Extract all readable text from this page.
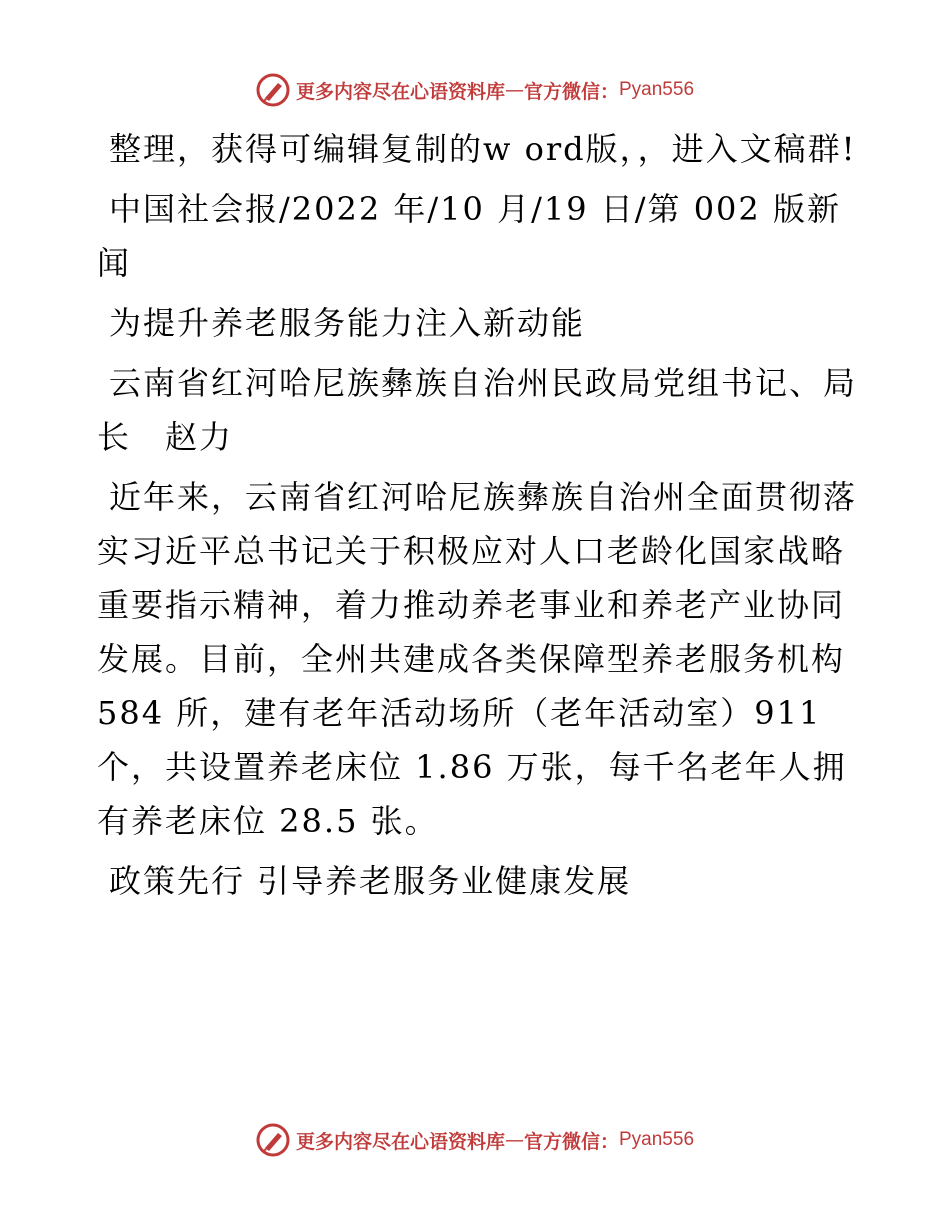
更多内容尽在心语资料库 — 官方微信： Pyan556

整理，获得可编辑复制的w ord版，，进入文稿群!

中国社会报/2022 年/10 月/19 日/第 002 版新闻

为提升养老服务能力注入新动能

云南省红河哈尼族彝族自治州民政局党组书记、局长　赵力

近年来，云南省红河哈尼族彝族自治州全面贯彻落实习近平总书记关于积极应对人口老龄化国家战略重要指示精神，着力推动养老事业和养老产业协同发展。目前，全州共建成各类保障型养老服务机构 584 所，建有老年活动场所（老年活动室）911 个，共设置养老床位 1.86 万张，每千名老年人拥有养老床位 28.5 张。

政策先行 引导养老服务业健康发展

更多内容尽在心语资料库 — 官方微信： Pyan556
